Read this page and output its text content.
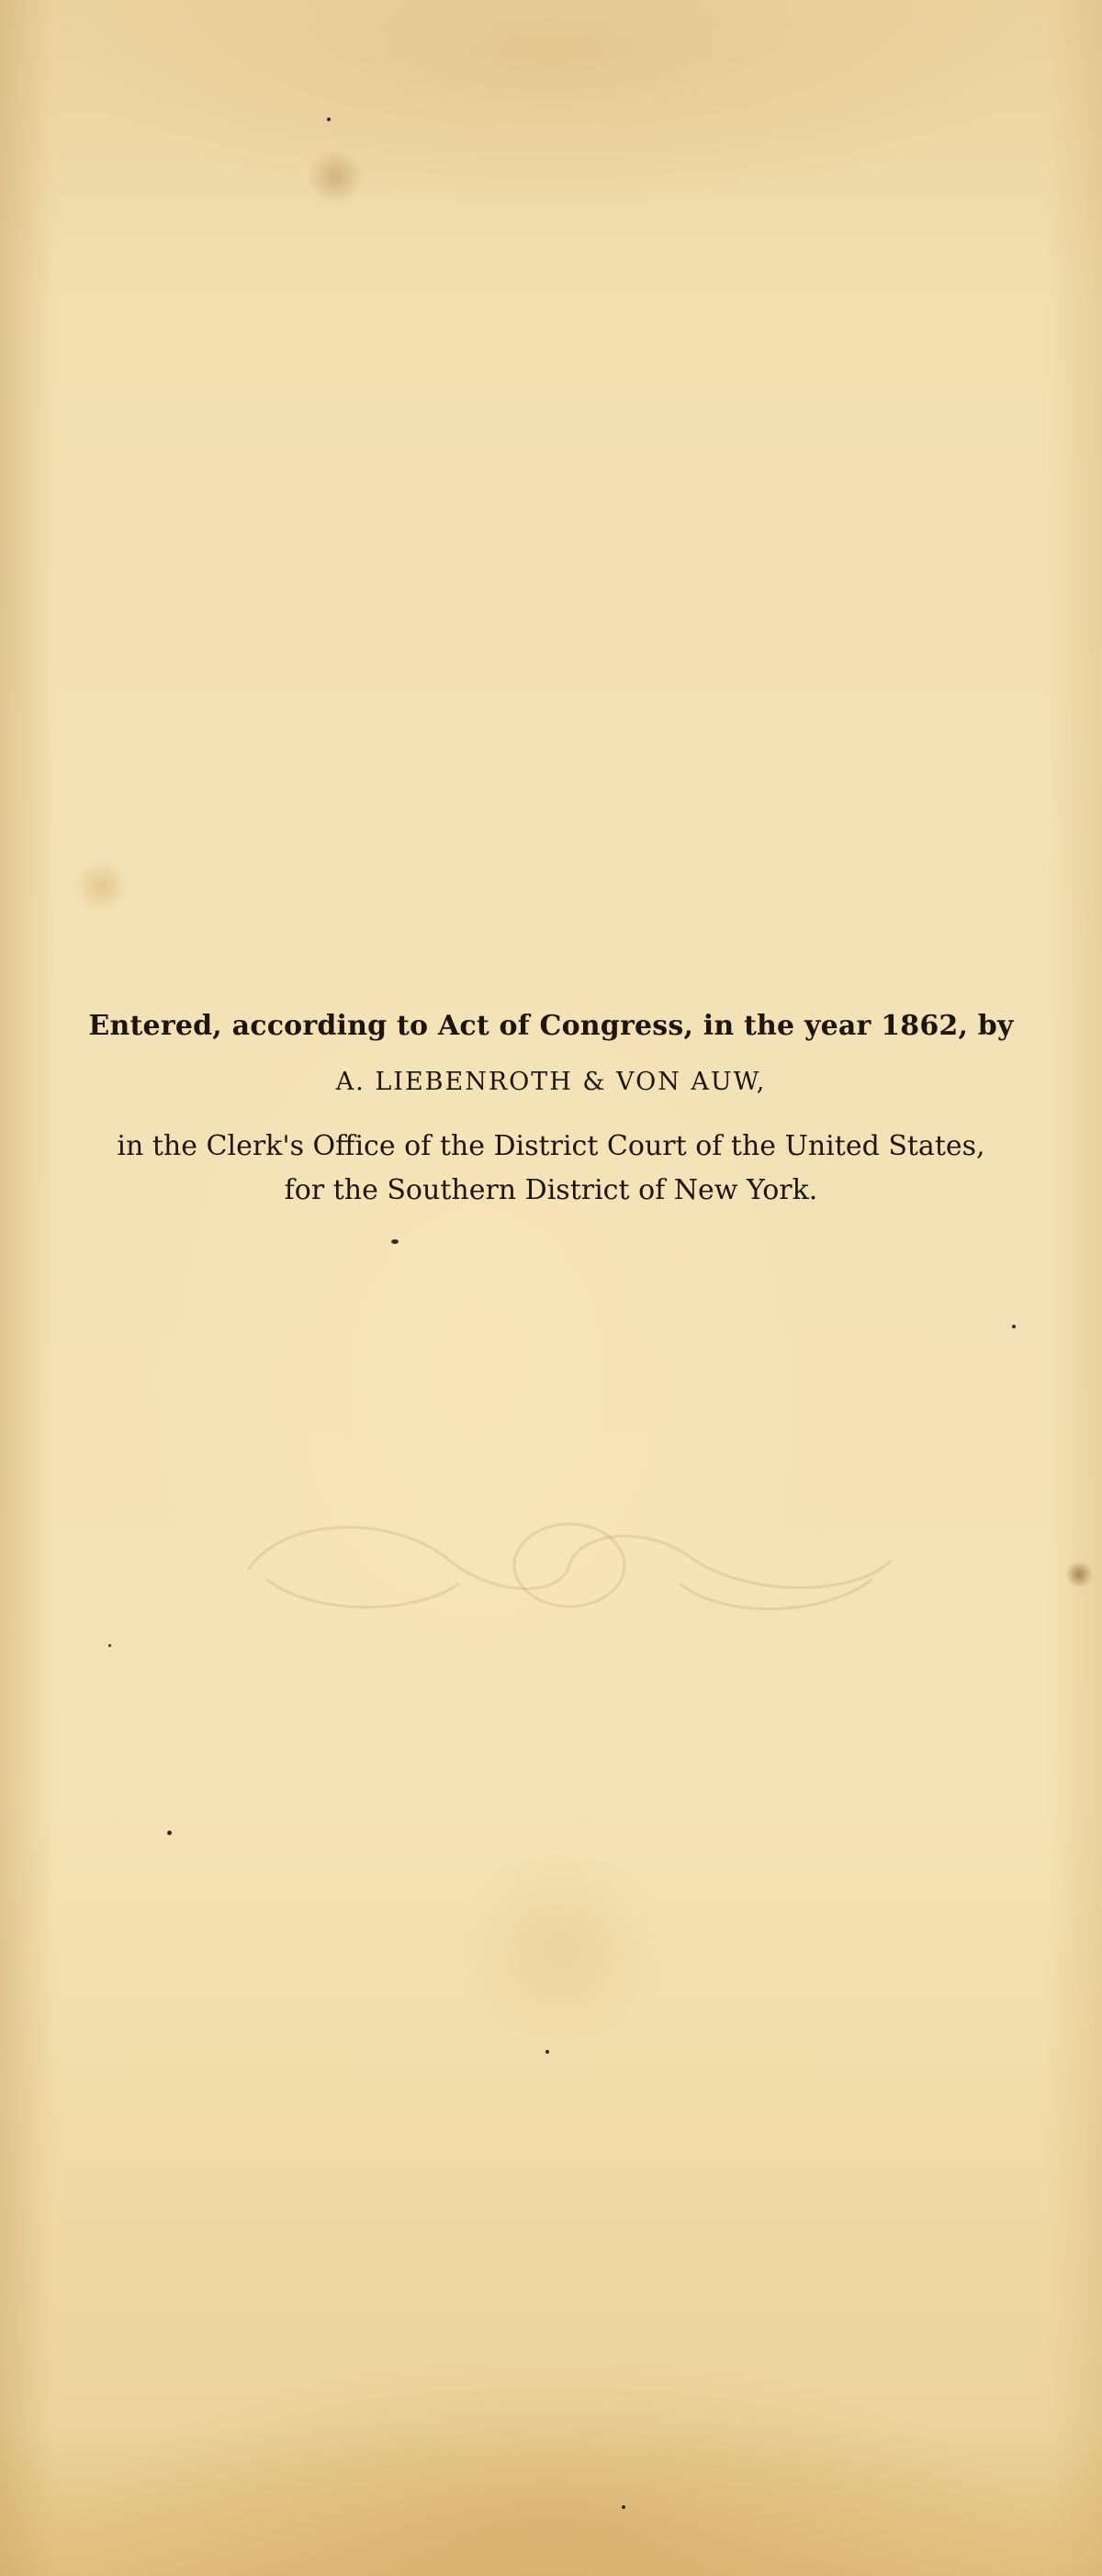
Entered, according to Act of Congress, in the year 1862, by
A. LIEBENROTH & VON AUW,
in the Clerk's Office of the District Court of the United States,
for the Southern District of New York.
